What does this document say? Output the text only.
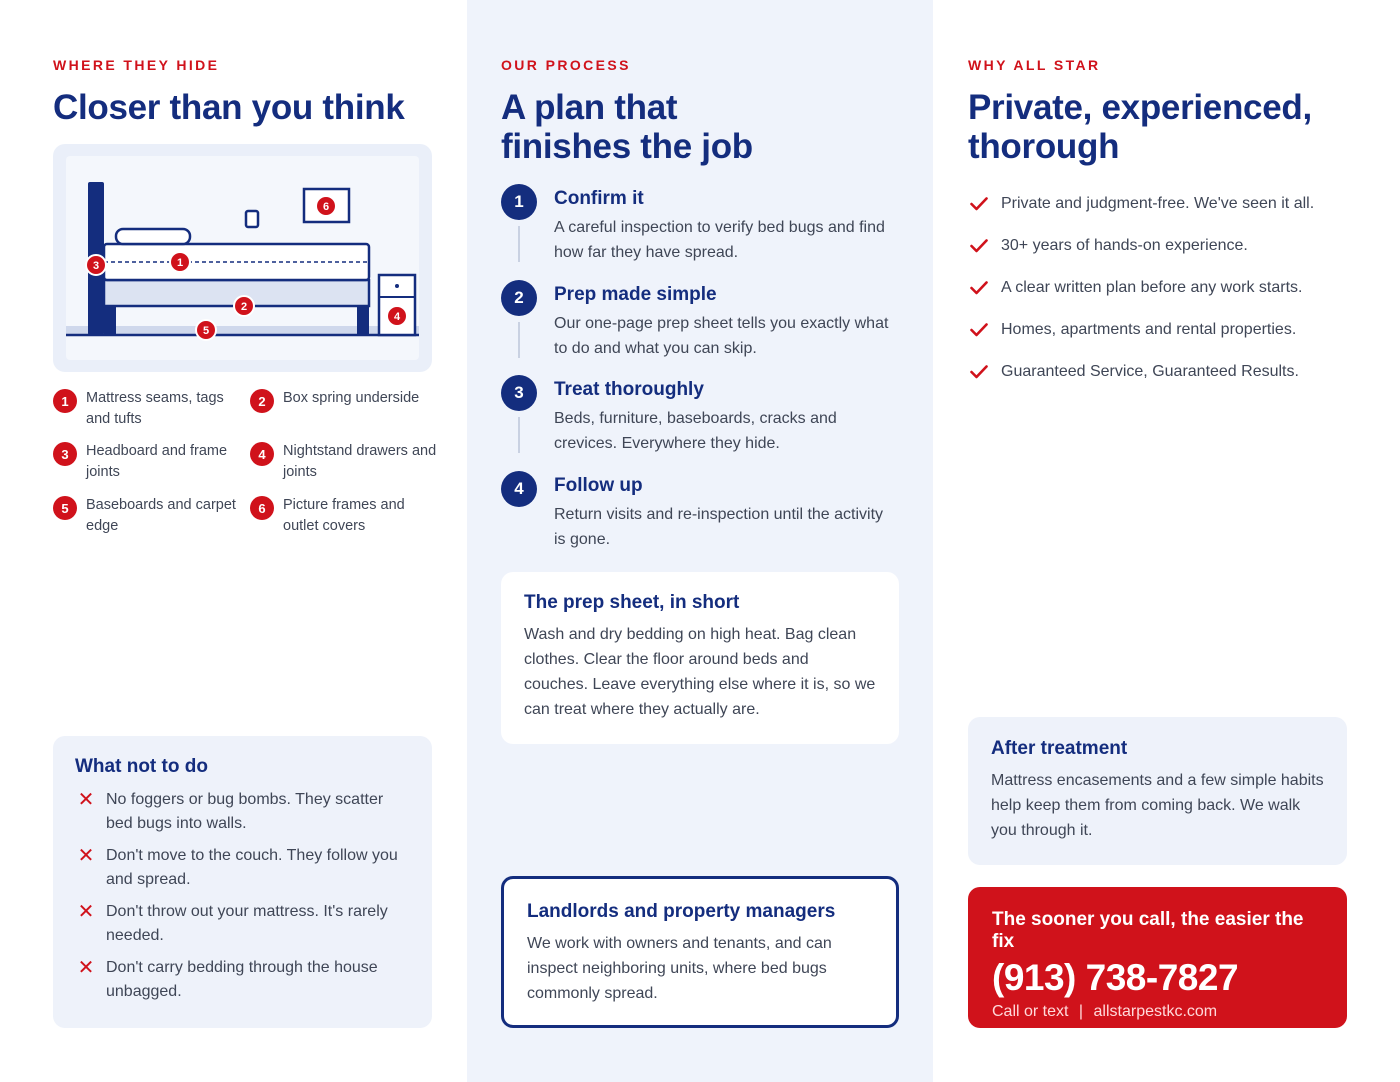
WHERE THEY HIDE
Closer than you think
1
2
3
4
5
6
1	Mattress seams, tags and tufts
2	Box spring underside
3	Headboard and frame joints
4	Nightstand drawers and joints
5	Baseboards and carpet edge
6	Picture frames and outlet covers
What not to do
✕ No foggers or bug bombs. They scatter bed bugs into walls.
✕ Don't move to the couch. They follow you and spread.
✕ Don't throw out your mattress. It's rarely needed.
✕ Don't carry bedding through the house unbagged.
OUR PROCESS
A plan that finishes the job
1	Confirm it
A careful inspection to verify bed bugs and find how far they have spread.
2	Prep made simple
Our one-page prep sheet tells you exactly what to do and what you can skip.
3	Treat thoroughly
Beds, furniture, baseboards, cracks and crevices. Everywhere they hide.
4	Follow up
Return visits and re-inspection until the activity is gone.
The prep sheet, in short
Wash and dry bedding on high heat. Bag clean clothes. Clear the floor around beds and couches. Leave everything else where it is, so we can treat where they actually are.
Landlords and property managers
We work with owners and tenants, and can inspect neighboring units, where bed bugs commonly spread.
WHY ALL STAR
Private, experienced, thorough
Private and judgment-free. We've seen it all.
30+ years of hands-on experience.
A clear written plan before any work starts.
Homes, apartments and rental properties.
Guaranteed Service, Guaranteed Results.
After treatment
Mattress encasements and a few simple habits help keep them from coming back. We walk you through it.
The sooner you call, the easier the fix
(913) 738-7827
Call or text | allstarpestkc.com
